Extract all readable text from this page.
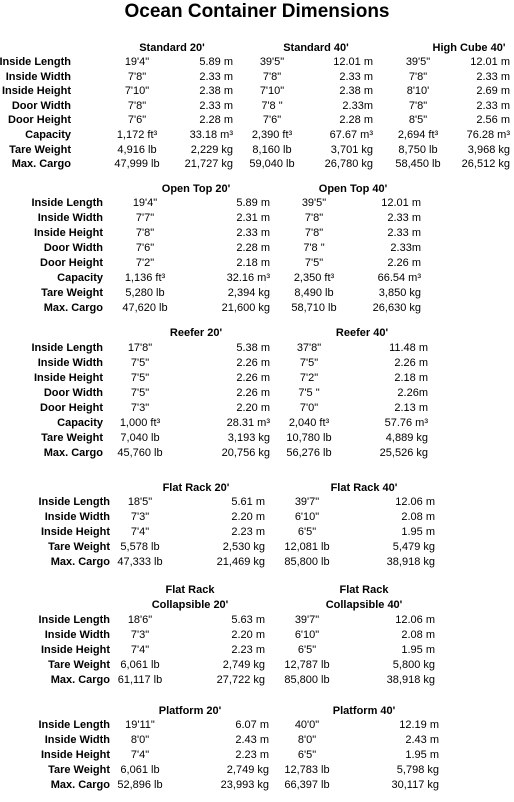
Ocean Container Dimensions
Standard 20'	Standard 40'	High Cube 40'
Inside Length	19'4"	5.89 m	39'5"	12.01 m	39'5"	12.01 m
Inside Width	7'8"	2.33 m	7'8"	2.33 m	7'8"	2.33 m
Inside Height	7'10"	2.38 m	7'10"	2.38 m	8'10'	2.69 m
Door Width	7'8"	2.33 m	7'8 "	2.33m	7'8"	2.33 m
Door Height	7'6"	2.28 m	7'6"	2.28 m	8'5"	2.56 m
Capacity	1,172 ft³	33.18 m³	2,390 ft³	67.67 m³	2,694 ft³	76.28 m³
Tare Weight	4,916 lb	2,229 kg	8,160 lb	3,701 kg	8,750 lb	3,968 kg
Max. Cargo	47,999 lb	21,727 kg	59,040 lb	26,780 kg	58,450 lb	26,512 kg
Open Top 20'	Open Top 40'
Inside Length	19'4"	5.89 m	39'5"	12.01 m
Inside Width	7'7"	2.31 m	7'8"	2.33 m
Inside Height	7'8"	2.33 m	7'8"	2.33 m
Door Width	7'6"	2.28 m	7'8 "	2.33m
Door Height	7'2"	2.18 m	7'5"	2.26 m
Capacity	1,136 ft³	32.16 m³	2,350 ft³	66.54 m³
Tare Weight	5,280 lb	2,394 kg	8,490 lb	3,850 kg
Max. Cargo	47,620 lb	21,600 kg	58,710 lb	26,630 kg
Reefer 20'	Reefer 40'
Inside Length	17'8"	5.38 m	37'8"	11.48 m
Inside Width	7'5"	2.26 m	7'5"	2.26 m
Inside Height	7'5"	2.26 m	7'2"	2.18 m
Door Width	7'5"	2.26 m	7'5 "	2.26m
Door Height	7'3"	2.20 m	7'0"	2.13 m
Capacity	1,000 ft³	28.31 m³	2,040 ft³	57.76 m³
Tare Weight	7,040 lb	3,193 kg	10,780 lb	4,889 kg
Max. Cargo	45,760 lb	20,756 kg	56,276 lb	25,526 kg
Flat Rack 20'	Flat Rack 40'
Inside Length	18'5"	5.61 m	39'7"	12.06 m
Inside Width	7'3"	2.20 m	6'10"	2.08 m
Inside Height	7'4"	2.23 m	6'5"	1.95 m
Tare Weight 5,578 lb	2,530 kg	12,081 lb	5,479 kg
Max. Cargo 47,333 lb	21,469 kg	85,800 lb	38,918 kg
Flat Rack
Collapsible 20'
Flat Rack
Collapsible 40'
Inside Length	18'6"	5.63 m	39'7"	12.06 m
Inside Width	7'3"	2.20 m	6'10"	2.08 m
Inside Height	7'4"	2.23 m	6'5"	1.95 m
Tare Weight 6,061 lb	2,749 kg	12,787 lb	5,800 kg
Max. Cargo 61,117 lb	27,722 kg	85,800 lb	38,918 kg
Platform 20'	Platform 40'
Inside Length	19'11"	6.07 m	40'0"	12.19 m
Inside Width	8'0"	2.43 m	8'0"	2.43 m
Inside Height	7'4"	2.23 m	6'5"	1.95 m
Tare Weight 6,061 lb	2,749 kg	12,783 lb	5,798 kg
Max. Cargo 52,896 lb	23,993 kg	66,397 lb	30,117 kg
